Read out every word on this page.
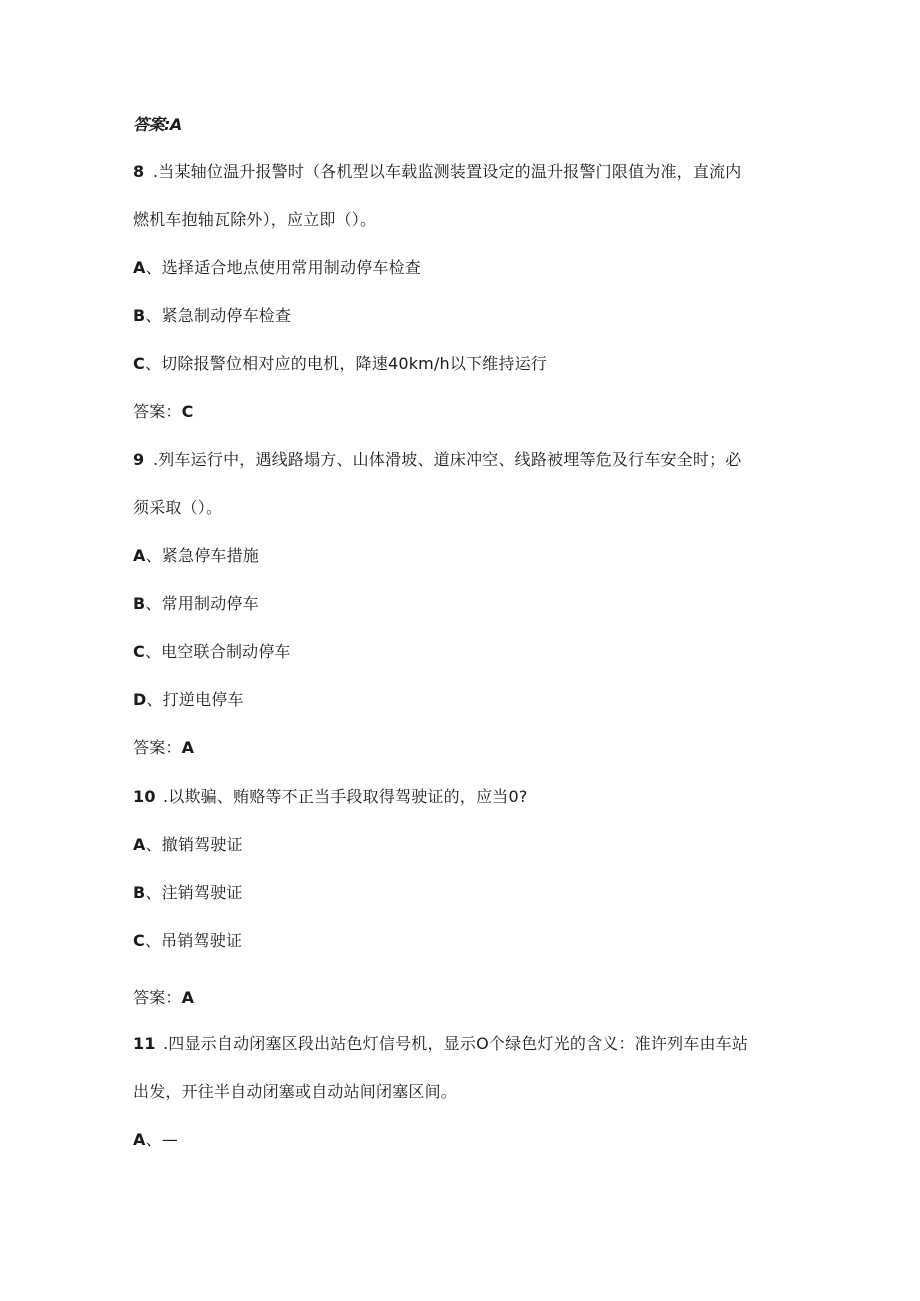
答案:A
8 .当某轴位温升报警时（各机型以车载监测装置设定的温升报警门限值为准，直流内
燃机车抱轴瓦除外），应立即（）。
A、选择适合地点使用常用制动停车检查
B、紧急制动停车检查
C、切除报警位相对应的电机，降速40km/h以下维持运行
答案：C
9 .列车运行中，遇线路塌方、山体滑坡、道床冲空、线路被埋等危及行车安全时；必
须采取（）。
A、紧急停车措施
B、常用制动停车
C、电空联合制动停车
D、打逆电停车
答案：A
10 .以欺骗、贿赂等不正当手段取得驾驶证的，应当0?
A、撤销驾驶证
B、注销驾驶证
C、吊销驾驶证
答案：A
11 .四显示自动闭塞区段出站色灯信号机，显示O个绿色灯光的含义：准许列车由车站
出发，开往半自动闭塞或自动站间闭塞区间。
A、—
